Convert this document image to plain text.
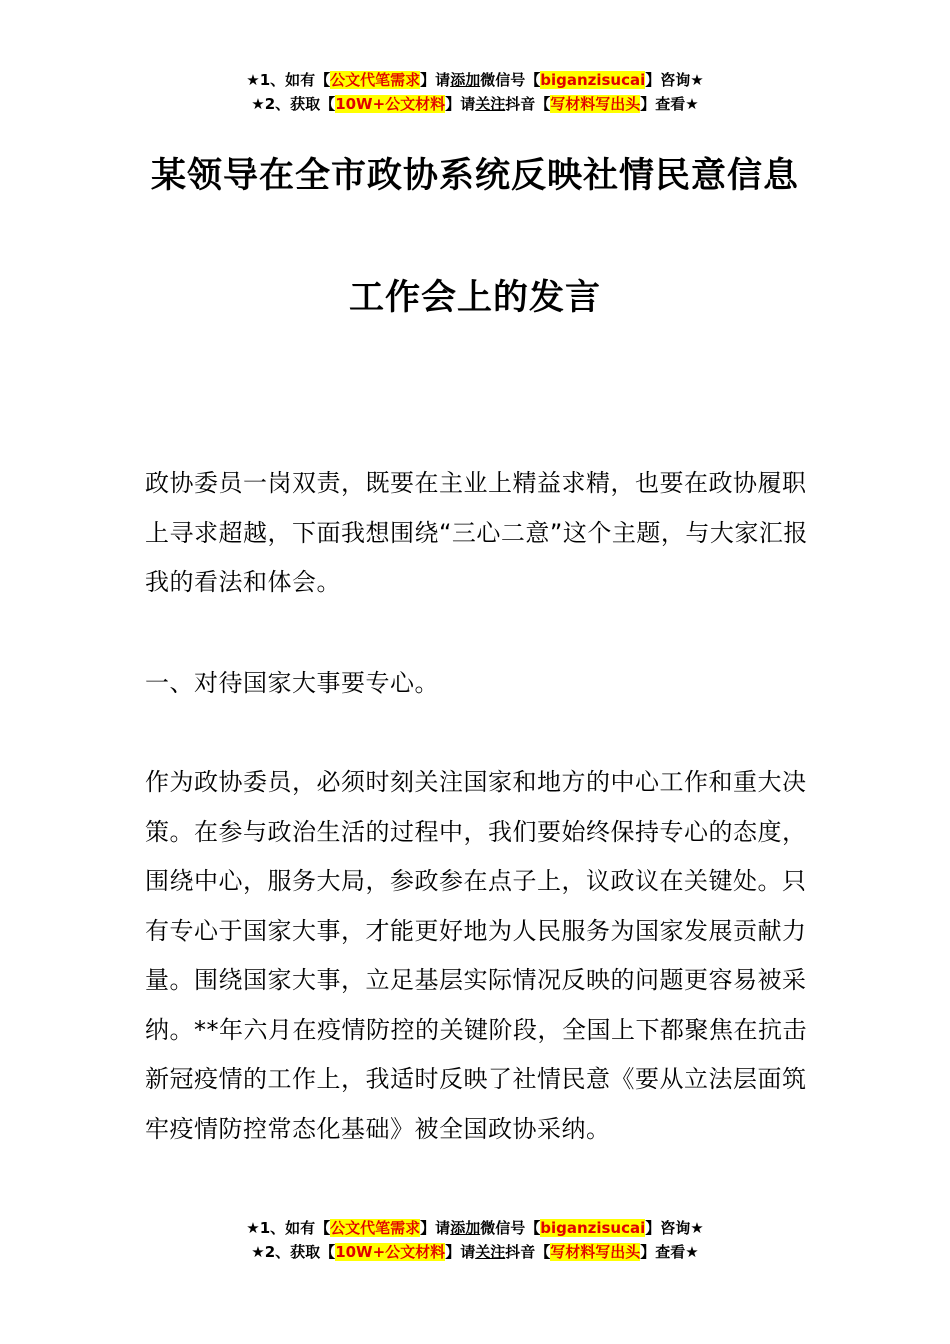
★1、如有【公文代笔需求】请添加微信号【biganzisucai】咨询★
★2、获取【10W+公文材料】请关注抖音【写材料写出头】查看★
某领导在全市政协系统反映社情民意信息
工作会上的发言

政协委员一岗双责，既要在主业上精益求精，也要在政协履职上寻求超越，下面我想围绕“三心二意”这个主题，与大家汇报我的看法和体会。

一、对待国家大事要专心。

作为政协委员，必须时刻关注国家和地方的中心工作和重大决策。在参与政治生活的过程中，我们要始终保持专心的态度，围绕中心，服务大局，参政参在点子上，议政议在关键处。只有专心于国家大事，才能更好地为人民服务为国家发展贡献力量。围绕国家大事，立足基层实际情况反映的问题更容易被采纳。**年六月在疫情防控的关键阶段，全国上下都聚焦在抗击新冠疫情的工作上，我适时反映了社情民意《要从立法层面筑牢疫情防控常态化基础》被全国政协采纳。

★1、如有【公文代笔需求】请添加微信号【biganzisucai】咨询★
★2、获取【10W+公文材料】请关注抖音【写材料写出头】查看★
